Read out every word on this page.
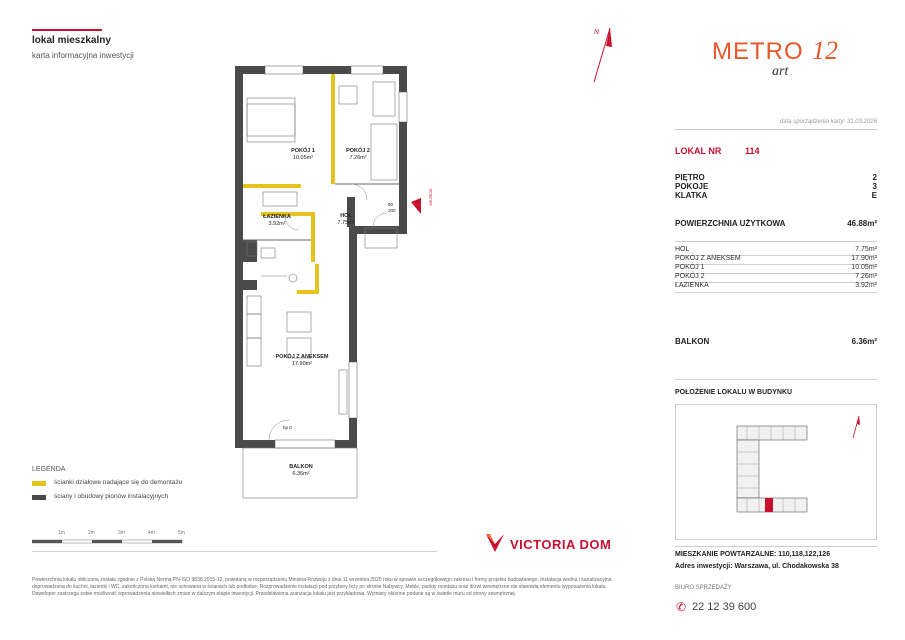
lokal mieszkalny
karta informacyjna inwestycji
N
METRO 12
art
data sporządzenia karty: 31.03.2026
LOKAL NR	114
PIĘTRO	2
POKOJE	3
KLATKA	E
POWIERZCHNIA UŻYTKOWA	46.88m²
HOL	7.75m²
POKÓJ Z ANEKSEM	17.90m²
POKÓJ 1	10.05m²
POKÓJ 2	7.26m²
ŁAZIENKA	3.92m²
BALKON	6.36m²
POŁOŻENIE LOKALU W BUDYNKU
POKÓJ 1
10.05m²
POKÓJ 2
7.26m²
ŁAZIENKA
3.92m²
HOL
7.75m²
POKÓJ Z ANEKSEM
17.90m²
BALKON
6.36m²
90
200
hp 0
WEJŚCIE
LEGENDA
ścianki działowe nadające się do demontażu
ściany i obudowy pionów instalacyjnych
1m	2m	3m	4m	5m
VICTORIA DOM
MIESZKANIE POWTARZALNE: 110,118,122,126
Adres inwestycji: Warszawa, ul. Chodakowska 38
BIURO SPRZEDAŻY
✆ 22 12 39 600
Powierzchnia lokalu obliczona została zgodnie z Polską Normą PN-ISO 9836:2015-12, powołaną w rozporządzeniu Ministra Rozwoju z dnia 11 września 2020 roku w sprawie szczegółowego zakresu i formy projektu budowlanego. Instalacja wodna i kanalizacyjna doprowadzona do kuchni, łazienki i WC, zakończona korkami, nie schowana w ścianach lub podłodze. Rozprowadzenie instalacji pod przybory leży po stronie Nabywcy. Meble, punkty montażu oraz drzwi wewnętrzne nie stanowią elementu wyposażenia lokalu. Deweloper zastrzega sobie możliwość wprowadzenia niewielkich zmian w dalszym etapie inwestycji. Przedstawiona aranżacja lokalu jest przykładowa. Wymiary okienne podane są w świetle muru od strony zewnętrznej.
